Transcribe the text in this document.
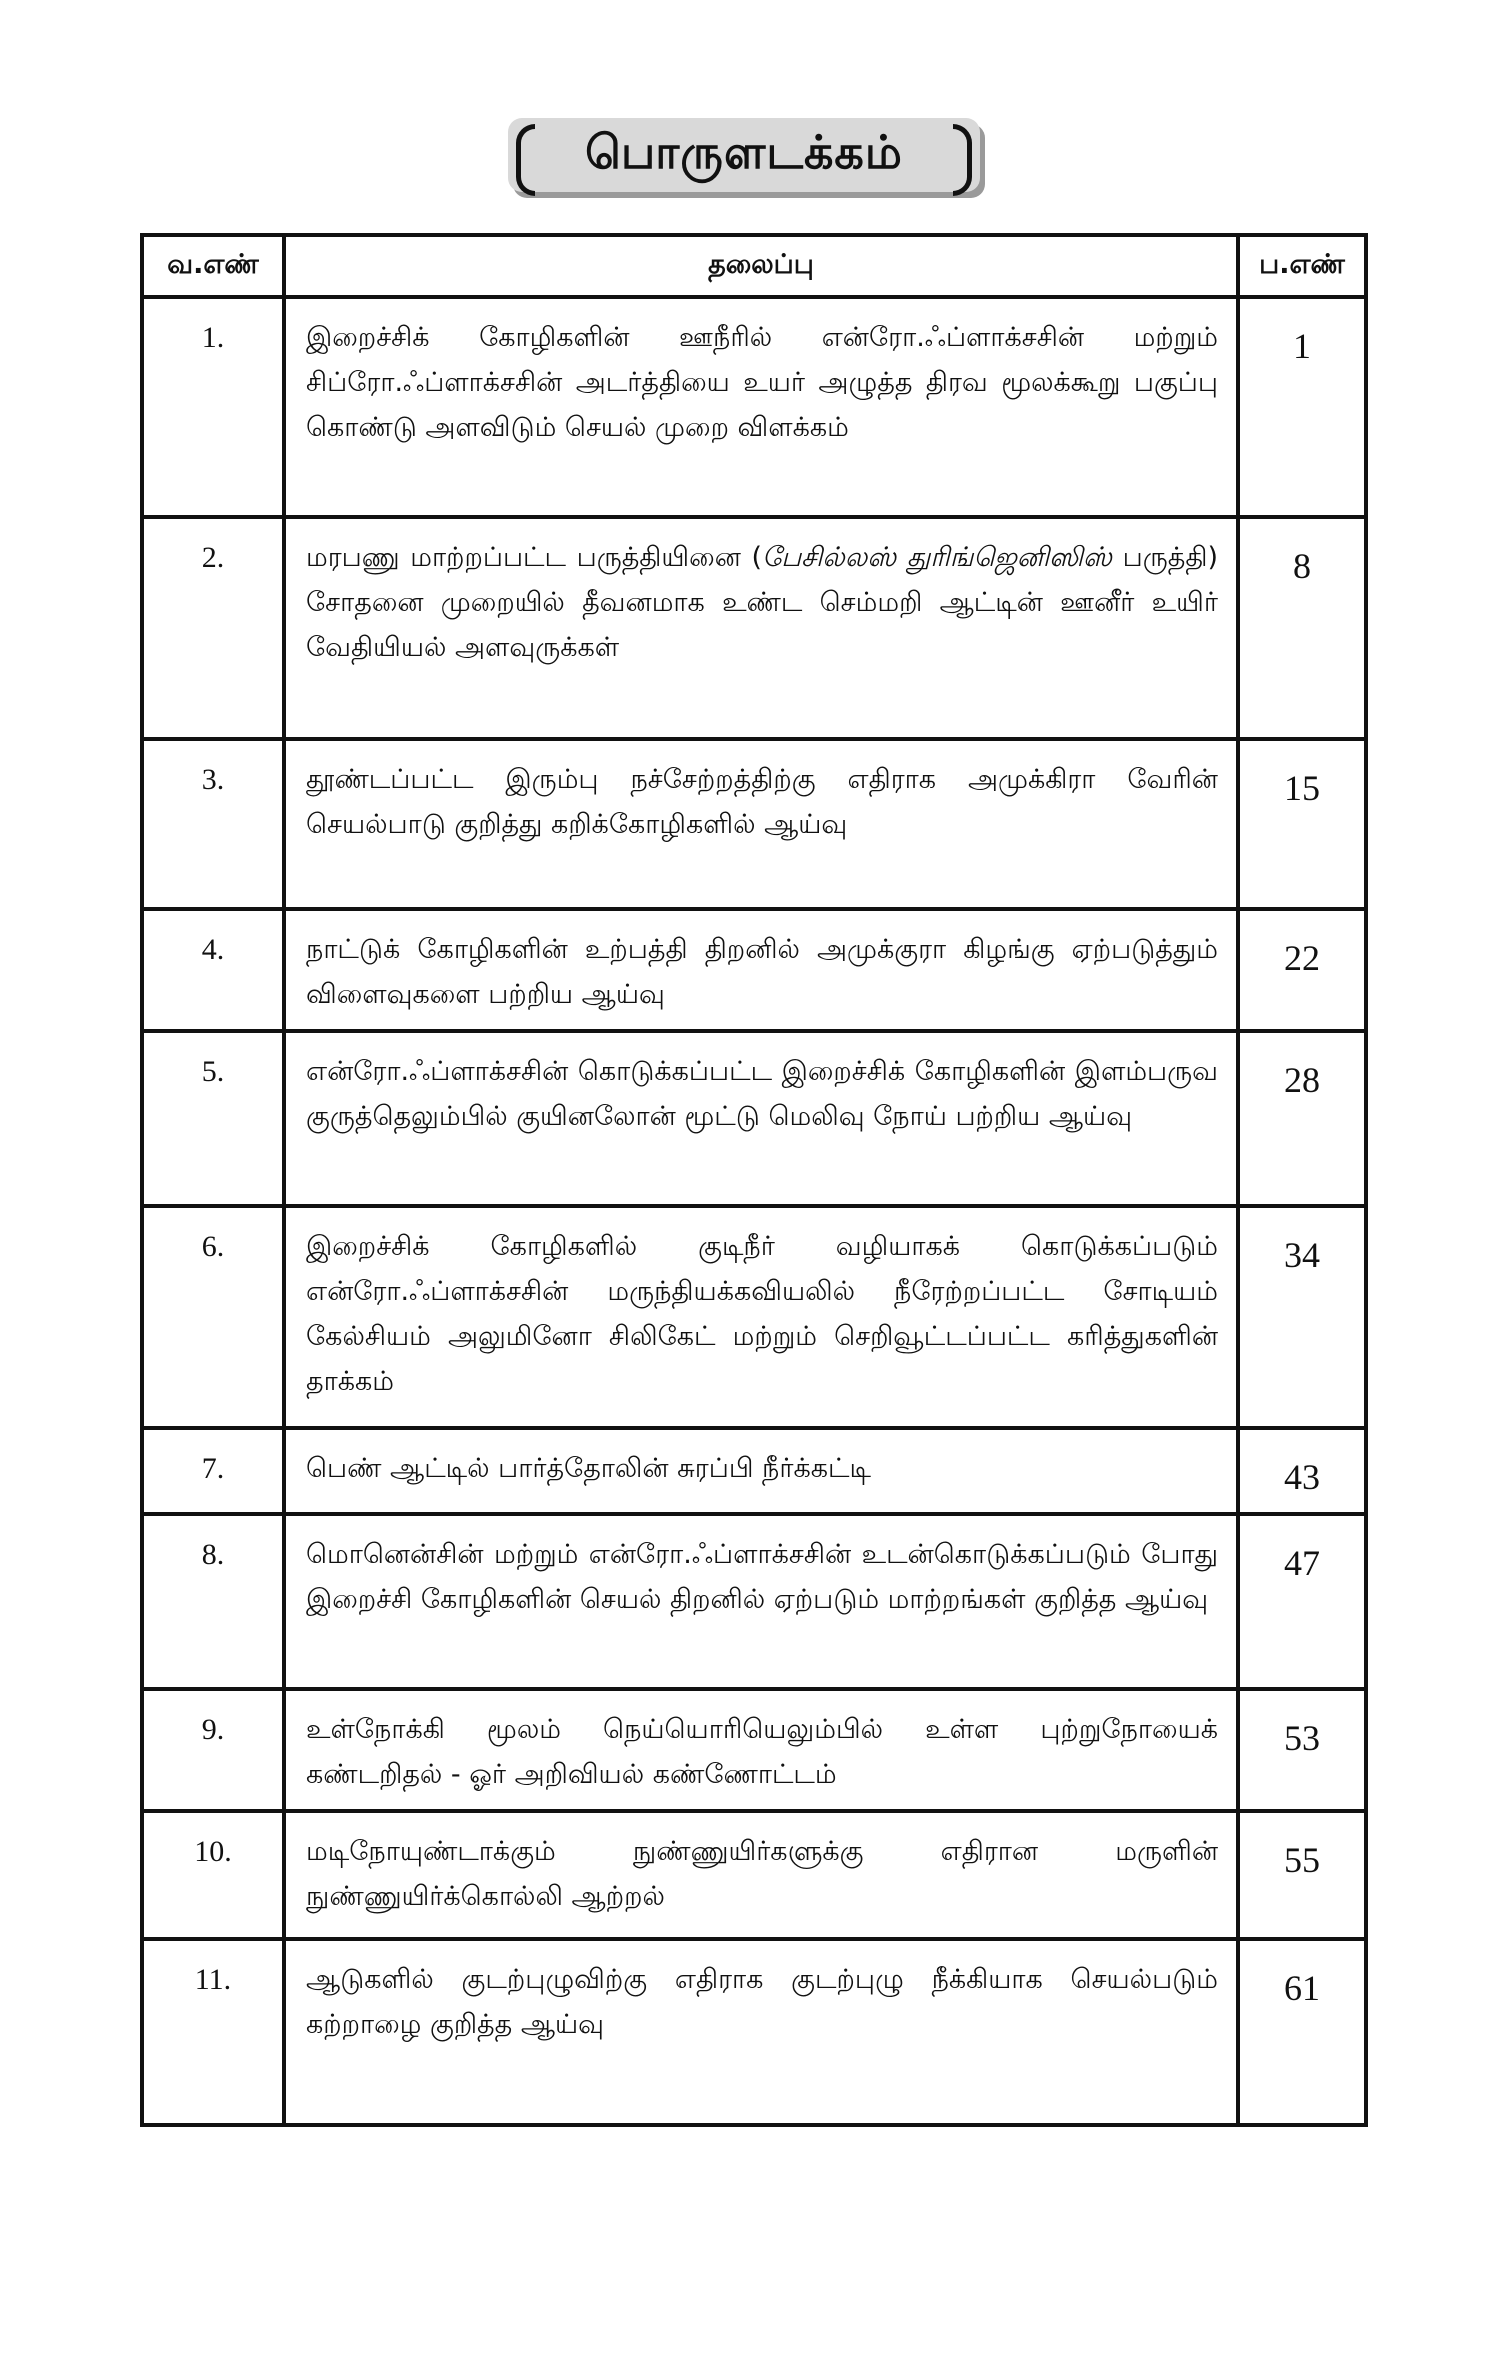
பொருளடக்கம்
வ.எண்	தலைப்பு	ப.எண்
1.	இறைச்சிக் கோழிகளின் ஊநீரில் என்ரோ.ஃப்ளாக்சசின் மற்றும் சிப்ரோ.ஃப்ளாக்சசின் அடர்த்தியை உயர் அழுத்த திரவ மூலக்கூறு பகுப்பு கொண்டு அளவிடும் செயல் முறை விளக்கம்	1
2.	மரபணு மாற்றப்பட்ட பருத்தியினை (பேசில்லஸ் துரிங்ஜெனிஸிஸ் பருத்தி) சோதனை முறையில் தீவனமாக உண்ட செம்மறி ஆட்டின் ஊனீர் உயிர் வேதியியல் அளவுருக்கள்	8
3.	தூண்டப்பட்ட இரும்பு நச்சேற்றத்திற்கு எதிராக அமுக்கிரா வேரின் செயல்பாடு குறித்து கறிக்கோழிகளில் ஆய்வு	15
4.	நாட்டுக் கோழிகளின் உற்பத்தி திறனில் அமுக்குரா கிழங்கு ஏற்படுத்தும் விளைவுகளை பற்றிய ஆய்வு	22
5.	என்ரோ.ஃப்ளாக்சசின் கொடுக்கப்பட்ட இறைச்சிக் கோழிகளின் இளம்பருவ குருத்தெலும்பில் குயினலோன் மூட்டு மெலிவு நோய் பற்றிய ஆய்வு	28
6.	இறைச்சிக் கோழிகளில் குடிநீர் வழியாகக் கொடுக்கப்படும் என்ரோ.ஃப்ளாக்சசின் மருந்தியக்கவியலில் நீரேற்றப்பட்ட சோடியம் கேல்சியம் அலுமினோ சிலிகேட் மற்றும் செறிவூட்டப்பட்ட கரித்துகளின் தாக்கம்	34
7.	பெண் ஆட்டில் பார்த்தோலின் சுரப்பி நீர்க்கட்டி	43
8.	மொனென்சின் மற்றும் என்ரோ.ஃப்ளாக்சசின் உடன்கொடுக்கப்படும் போது இறைச்சி கோழிகளின் செயல் திறனில் ஏற்படும் மாற்றங்கள் குறித்த ஆய்வு	47
9.	உள்நோக்கி மூலம் நெய்யொரியெலும்பில் உள்ள புற்றுநோயைக் கண்டறிதல் - ஓர் அறிவியல் கண்ணோட்டம்	53
10.	மடிநோயுண்டாக்கும் நுண்ணுயிர்களுக்கு எதிரான மருளின் நுண்ணுயிர்க்கொல்லி ஆற்றல்	55
11.	ஆடுகளில் குடற்புழுவிற்கு எதிராக குடற்புழு நீக்கியாக செயல்படும் கற்றாழை குறித்த ஆய்வு	61
